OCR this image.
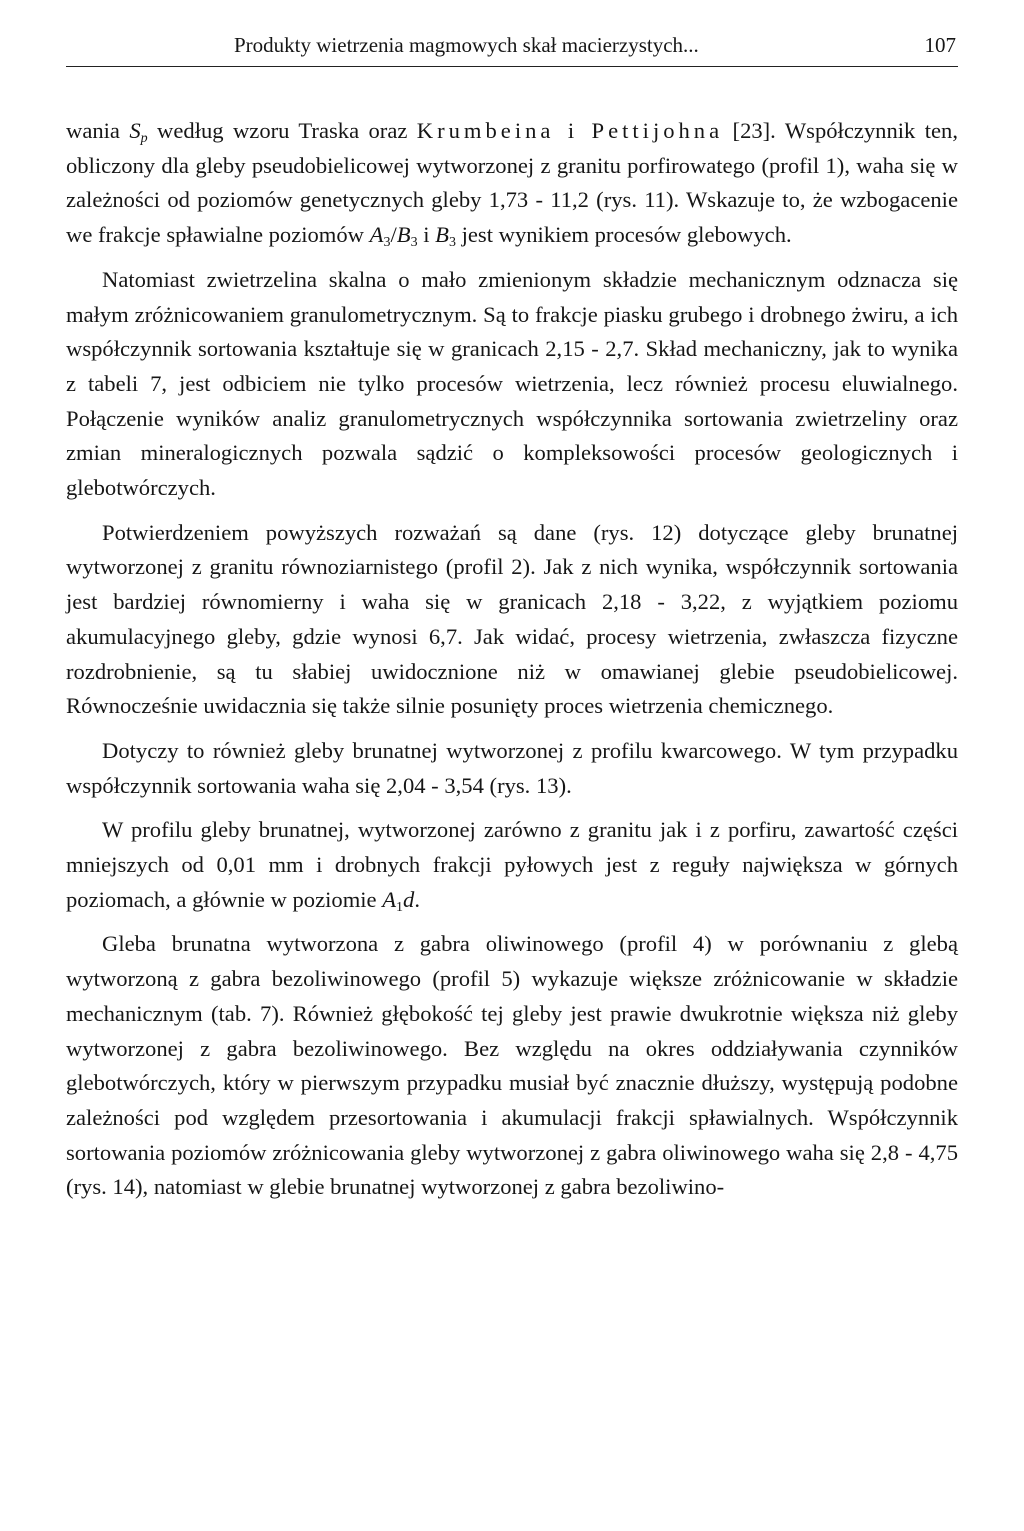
Produkty wietrzenia magmowych skał macierzystych...	107

wania $S_p$ według wzoru Traska oraz Krumbeina i Pettijohna [23]. Współczynnik ten, obliczony dla gleby pseudobielicowej wytworzonej z granitu porfirowatego (profil 1), waha się w zależności od poziomów genetycznych gleby 1,73 - 11,2 (rys. 11). Wskazuje to, że wzbogacenie we frakcje spławialne poziomów $A_3/B_3$ i $B_3$ jest wynikiem procesów glebowych.

Natomiast zwietrzelina skalna o mało zmienionym składzie mechanicznym odznacza się małym zróżnicowaniem granulometrycznym. Są to frakcje piasku grubego i drobnego żwiru, a ich współczynnik sortowania kształtuje się w granicach 2,15 - 2,7. Skład mechaniczny, jak to wynika z tabeli 7, jest odbiciem nie tylko procesów wietrzenia, lecz również procesu eluwialnego. Połączenie wyników analiz granulometrycznych współczynnika sortowania zwietrzeliny oraz zmian mineralogicznych pozwala sądzić o kompleksowości procesów geologicznych i glebotwórczych.

Potwierdzeniem powyższych rozważań są dane (rys. 12) dotyczące gleby brunatnej wytworzonej z granitu równoziarnistego (profil 2). Jak z nich wynika, współczynnik sortowania jest bardziej równomierny i waha się w granicach 2,18 - 3,22, z wyjątkiem poziomu akumulacyjnego gleby, gdzie wynosi 6,7. Jak widać, procesy wietrzenia, zwłaszcza fizyczne rozdrobnienie, są tu słabiej uwidocznione niż w omawianej glebie pseudobielicowej. Równocześnie uwidacznia się także silnie posunięty proces wietrzenia chemicznego.

Dotyczy to również gleby brunatnej wytworzonej z profilu kwarcowego. W tym przypadku współczynnik sortowania waha się 2,04 - 3,54 (rys. 13).

W profilu gleby brunatnej, wytworzonej zarówno z granitu jak i z porfiru, zawartość części mniejszych od 0,01 mm i drobnych frakcji pyłowych jest z reguły największa w górnych poziomach, a głównie w poziomie $A_1d$.

Gleba brunatna wytworzona z gabra oliwinowego (profil 4) w porównaniu z glebą wytworzoną z gabra bezoliwinowego (profil 5) wykazuje większe zróżnicowanie w składzie mechanicznym (tab. 7). Również głębokość tej gleby jest prawie dwukrotnie większa niż gleby wytworzonej z gabra bezoliwinowego. Bez względu na okres oddziaływania czynników glebotwórczych, który w pierwszym przypadku musiał być znacznie dłuższy, występują podobne zależności pod względem przesortowania i akumulacji frakcji spławialnych. Współczynnik sortowania poziomów zróżnicowania gleby wytworzonej z gabra oliwinowego waha się 2,8 - 4,75 (rys. 14), natomiast w glebie brunatnej wytworzonej z gabra bezoliwino-
